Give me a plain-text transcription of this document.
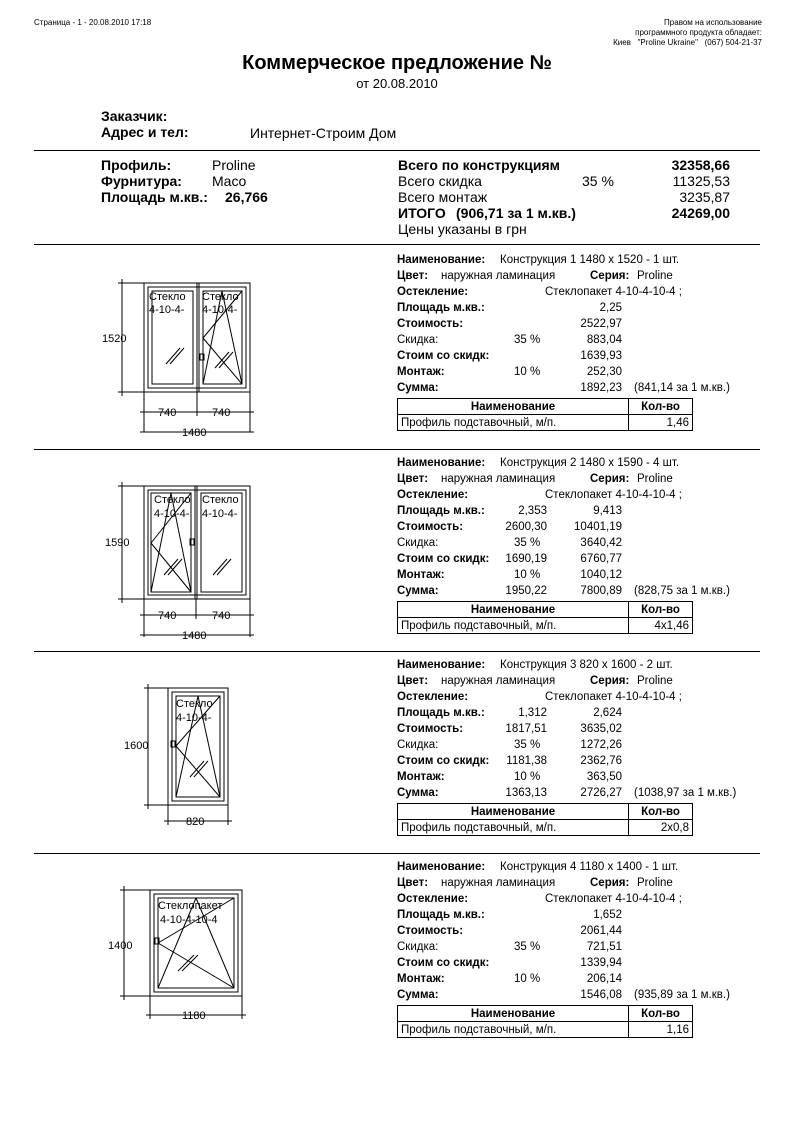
Страница - 1 - 20.08.2010 17:18	Правом на использование
программного продукта обладает:
Киев   "Proline Ukraine"   (067) 504-21-37
Коммерческое предложение №
от 20.08.2010
Заказчик:
Адрес и тел:	Интернет-Строим Дом
Профиль:	Proline
Фурнитура: Maco
Площадь м.кв.: 26,766
Всего по конструкциям	32358,66
Всего скидка	35 %	11325,53
Всего монтаж	3235,87
ИТОГО (906,71 за 1 м.кв.)	24269,00
Цены указаны в грн
1520
740	740
1480
Стекло
4-10-4-
Стекло
4-10-4-
Наименование: Конструкция 1 1480 x 1520 - 1 шт.
Цвет: наружная ламинация	Серия: Proline
Остекление:	Стеклопакет 4-10-4-10-4 ;
Площадь м.кв.:	2,25
Стоимость:	2522,97
Скидка:	35 %	883,04
Стоим со скидк:	1639,93
Монтаж:	10 %	252,30
Сумма:	1892,23 (841,14 за 1 м.кв.)
Наименование	Кол-во
Профиль подставочный, м/п.	1,46
1590
740	740
1480
Стекло
4-10-4-
Стекло
4-10-4-
Наименование: Конструкция 2 1480 x 1590 - 4 шт.
Цвет: наружная ламинация	Серия: Proline
Остекление:	Стеклопакет 4-10-4-10-4 ;
Площадь м.кв.:	2,353	9,413
Стоимость:	2600,30 10401,19
Скидка:	35 %	3640,42
Стоим со скидк:	1690,19	6760,77
Монтаж:	10 %	1040,12
Сумма:	1950,22	7800,89 (828,75 за 1 м.кв.)
Наименование	Кол-во
Профиль подставочный, м/п.	4x1,46
1600
820
Стекло
4-10-4-
Наименование: Конструкция 3 820 x 1600 - 2 шт.
Цвет: наружная ламинация	Серия: Proline
Остекление:	Стеклопакет 4-10-4-10-4 ;
Площадь м.кв.:	1,312	2,624
Стоимость:	1817,51	3635,02
Скидка:	35 %	1272,26
Стоим со скидк:	1181,38	2362,76
Монтаж:	10 %	363,50
Сумма:	1363,13	2726,27 (1038,97 за 1 м.кв.)
Наименование	Кол-во
Профиль подставочный, м/п.	2x0,8
1400
1180
Стеклопакет
4-10-4-10-4
Наименование: Конструкция 4 1180 x 1400 - 1 шт.
Цвет: наружная ламинация	Серия: Proline
Остекление:	Стеклопакет 4-10-4-10-4 ;
Площадь м.кв.:	1,652
Стоимость:	2061,44
Скидка:	35 %	721,51
Стоим со скидк:	1339,94
Монтаж:	10 %	206,14
Сумма:	1546,08 (935,89 за 1 м.кв.)
Наименование	Кол-во
Профиль подставочный, м/п.	1,16
